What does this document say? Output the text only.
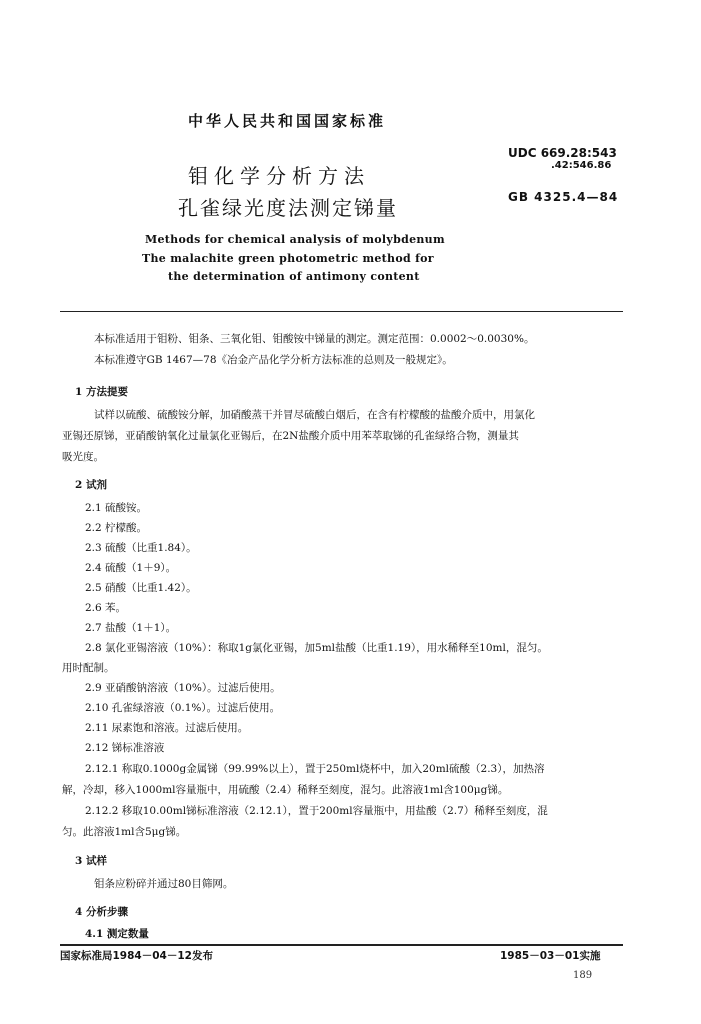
中华人民共和国国家标准
钼化学分析方法
孔雀绿光度法测定锑量
UDC 669.28:543
.42:546.86
GB 4325.4—84
Methods for chemical analysis of molybdenum
The malachite green photometric method for
the determination of antimony content
本标准适用于钼粉、钼条、三氧化钼、钼酸铵中锑量的测定。测定范围：0.0002～0.0030%。
本标准遵守GB 1467—78《冶金产品化学分析方法标准的总则及一般规定》。
1 方法提要
试样以硫酸、硫酸铵分解，加硝酸蒸干并冒尽硫酸白烟后，在含有柠檬酸的盐酸介质中，用氯化
亚锡还原锑，亚硝酸钠氧化过量氯化亚锡后，在2N盐酸介质中用苯萃取锑的孔雀绿络合物，测量其
吸光度。
2 试剂
2.1 硫酸铵。
2.2 柠檬酸。
2.3 硫酸（比重1.84）。
2.4 硫酸（1＋9）。
2.5 硝酸（比重1.42）。
2.6 苯。
2.7 盐酸（1＋1）。
2.8 氯化亚锡溶液（10%）：称取1g氯化亚锡，加5ml盐酸（比重1.19），用水稀释至10ml，混匀。
用时配制。
2.9 亚硝酸钠溶液（10%）。过滤后使用。
2.10 孔雀绿溶液（0.1%）。过滤后使用。
2.11 尿素饱和溶液。过滤后使用。
2.12 锑标准溶液
2.12.1 称取0.1000g金属锑（99.99%以上），置于250ml烧杯中，加入20ml硫酸（2.3），加热溶
解，冷却，移入1000ml容量瓶中，用硫酸（2.4）稀释至刻度，混匀。此溶液1ml含100μg锑。
2.12.2 移取10.00ml锑标准溶液（2.12.1），置于200ml容量瓶中，用盐酸（2.7）稀释至刻度，混
匀。此溶液1ml含5μg锑。
3 试样
钼条应粉碎并通过80目筛网。
4 分析步骤
4.1 测定数量
国家标准局1984－04－12发布	1985－03－01实施
189
